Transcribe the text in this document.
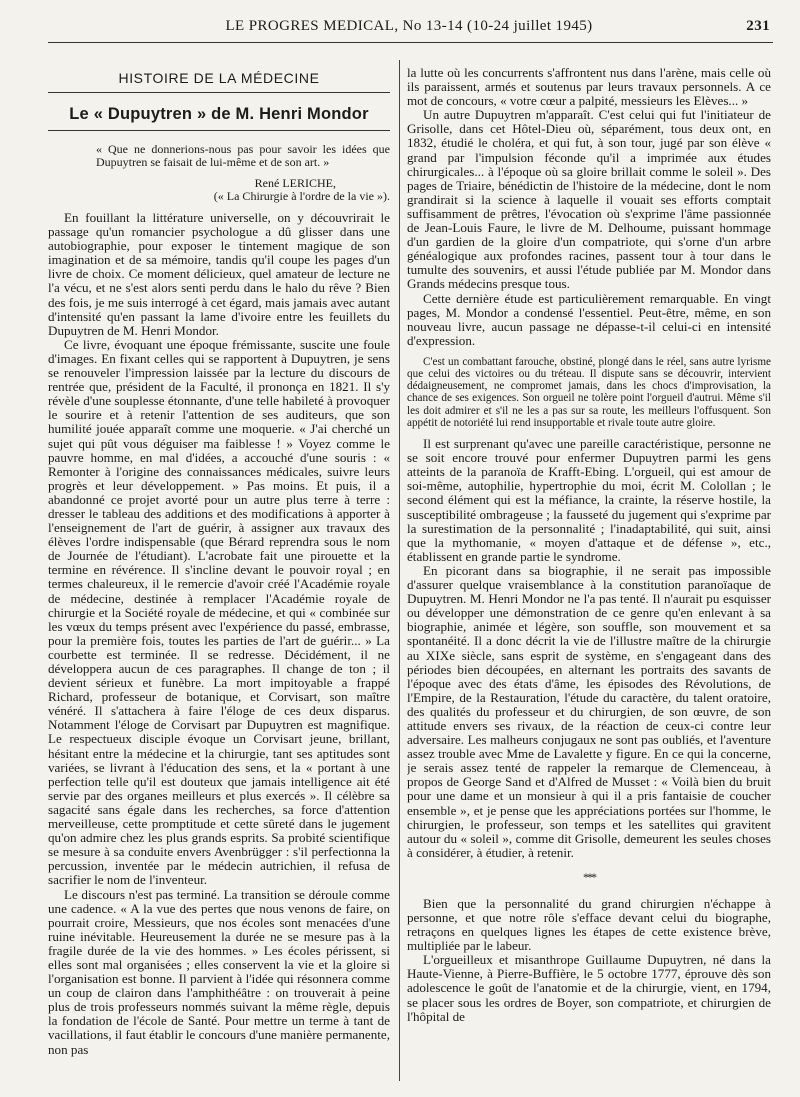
LE PROGRES MEDICAL, No 13-14 (10-24 juillet 1945)	231
HISTOIRE DE LA MÉDECINE
Le « Dupuytren » de M. Henri Mondor
« Que ne donnerions-nous pas pour savoir les idées que Dupuytren se faisait de lui-même et de son art. »
René LERICHE,
(« La Chirurgie à l'ordre de la vie »).

En fouillant la littérature universelle, on y découvrirait le passage qu'un romancier psychologue a dû glisser dans une autobiographie, pour exposer le tintement magique de son imagination et de sa mémoire, tandis qu'il coupe les pages d'un livre de choix. Ce moment délicieux, quel amateur de lecture ne l'a vécu, et ne s'est alors senti perdu dans le halo du rêve ? Bien des fois, je me suis interrogé à cet égard, mais jamais avec autant d'intensité qu'en passant la lame d'ivoire entre les feuillets du Dupuytren de M. Henri Mondor.

Ce livre, évoquant une époque frémissante, suscite une foule d'images. En fixant celles qui se rapportent à Dupuytren, je sens se renouveler l'impression laissée par la lecture du discours de rentrée que, président de la Faculté, il prononça en 1821. Il s'y révèle d'une souplesse étonnante, d'une telle habileté à provoquer le sourire et à retenir l'attention de ses auditeurs, que son humilité jouée apparaît comme une moquerie. « J'ai cherché un sujet qui pût vous déguiser ma faiblesse ! » Voyez comme le pauvre homme, en mal d'idées, a accouché d'une souris : « Remonter à l'origine des connaissances médicales, suivre leurs progrès et leur développement. » Pas moins. Et puis, il a abandonné ce projet avorté pour un autre plus terre à terre : dresser le tableau des additions et des modifications à apporter à l'enseignement de l'art de guérir, à assigner aux travaux des élèves l'ordre indispensable (que Bérard reprendra sous le nom de Journée de l'étudiant). L'acrobate fait une pirouette et la termine en révérence. Il s'incline devant le pouvoir royal ; en termes chaleureux, il le remercie d'avoir créé l'Académie royale de médecine, destinée à remplacer l'Académie royale de chirurgie et la Société royale de médecine, et qui « combinée sur les vœux du temps présent avec l'expérience du passé, embrasse, pour la première fois, toutes les parties de l'art de guérir... » La courbette est terminée. Il se redresse. Décidément, il ne développera aucun de ces paragraphes. Il change de ton ; il devient sérieux et funèbre. La mort impitoyable a frappé Richard, professeur de botanique, et Corvisart, son maître vénéré. Il s'attachera à faire l'éloge de ces deux disparus. Notamment l'éloge de Corvisart par Dupuytren est magnifique. Le respectueux disciple évoque un Corvisart jeune, brillant, hésitant entre la médecine et la chirurgie, tant ses aptitudes sont variées, se livrant à l'éducation des sens, et la « portant à une perfection telle qu'il est douteux que jamais intelligence ait été servie par des organes meilleurs et plus exercés ». Il célèbre sa sagacité sans égale dans les recherches, sa force d'attention merveilleuse, cette promptitude et cette sûreté dans le jugement qu'on admire chez les plus grands esprits. Sa probité scientifique se mesure à sa conduite envers Avenbrügger : s'il perfectionna la percussion, inventée par le médecin autrichien, il refusa de sacrifier le nom de l'inventeur.

Le discours n'est pas terminé. La transition se déroule comme une cadence. « A la vue des pertes que nous venons de faire, on pourrait croire, Messieurs, que nos écoles sont menacées d'une ruine inévitable. Heureusement la durée ne se mesure pas à la fragile durée de la vie des hommes. » Les écoles périssent, si elles sont mal organisées ; elles conservent la vie et la gloire si l'organisation est bonne. Il parvient à l'idée qui résonnera comme un coup de clairon dans l'amphithéâtre : on trouverait à peine plus de trois professeurs nommés suivant la même règle, depuis la fondation de l'école de Santé. Pour mettre un terme à tant de vacillations, il faut établir le concours d'une manière permanente, non pas

la lutte où les concurrents s'affrontent nus dans l'arène, mais celle où ils paraissent, armés et soutenus par leurs travaux personnels. A ce mot de concours, « votre cœur a palpité, messieurs les Elèves... »

Un autre Dupuytren m'apparaît. C'est celui qui fut l'initiateur de Grisolle, dans cet Hôtel-Dieu où, séparément, tous deux ont, en 1832, étudié le choléra, et qui fut, à son tour, jugé par son élève « grand par l'impulsion féconde qu'il a imprimée aux études chirurgicales... à l'époque où sa gloire brillait comme le soleil ». Des pages de Triaire, bénédictin de l'histoire de la médecine, dont le nom grandirait si la science à laquelle il vouait ses efforts comptait suffisamment de prêtres, l'évocation où s'exprime l'âme passionnée de Jean-Louis Faure, le livre de M. Delhoume, puissant hommage d'un gardien de la gloire d'un compatriote, qui s'orne d'un arbre généalogique aux profondes racines, passent tour à tour dans le tumulte des souvenirs, et aussi l'étude publiée par M. Mondor dans Grands médecins presque tous.

Cette dernière étude est particulièrement remarquable. En vingt pages, M. Mondor a condensé l'essentiel. Peut-être, même, en son nouveau livre, aucun passage ne dépasse-t-il celui-ci en intensité d'expression.

C'est un combattant farouche, obstiné, plongé dans le réel, sans autre lyrisme que celui des victoires ou du tréteau. Il dispute sans se découvrir, intervient dédaigneusement, ne compromet jamais, dans les chocs d'improvisation, la chance de ses exigences. Son orgueil ne tolère point l'orgueil d'autrui. Même s'il les doit admirer et s'il ne les a pas sur sa route, les meilleurs l'offusquent. Son appétit de notoriété lui rend insupportable et rivale toute autre gloire.

Il est surprenant qu'avec une pareille caractéristique, personne ne se soit encore trouvé pour enfermer Dupuytren parmi les gens atteints de la paranoïa de Krafft-Ebing. L'orgueil, qui est amour de soi-même, autophilie, hypertrophie du moi, écrit M. Colollan ; le second élément qui est la méfiance, la crainte, la réserve hostile, la susceptibilité ombrageuse ; la fausseté du jugement qui s'exprime par la surestimation de la personnalité ; l'inadaptabilité, qui suit, ainsi que la mythomanie, « moyen d'attaque et de défense », etc., établissent en grande partie le syndrome.

En picorant dans sa biographie, il ne serait pas impossible d'assurer quelque vraisemblance à la constitution paranoïaque de Dupuytren. M. Henri Mondor ne l'a pas tenté. Il n'aurait pu esquisser ou développer une démonstration de ce genre qu'en enlevant à sa biographie, animée et légère, son souffle, son mouvement et sa spontanéité. Il a donc décrit la vie de l'illustre maître de la chirurgie au XIXe siècle, sans esprit de système, en s'engageant dans des périodes bien découpées, en alternant les portraits des savants de l'époque avec des états d'âme, les épisodes des Révolutions, de l'Empire, de la Restauration, l'étude du caractère, du talent oratoire, des qualités du professeur et du chirurgien, de son œuvre, de son attitude envers ses rivaux, de la réaction de ceux-ci contre leur adversaire. Les malheurs conjugaux ne sont pas oubliés, et l'aventure assez trouble avec Mme de Lavalette y figure. En ce qui la concerne, je serais assez tenté de rappeler la remarque de Clemenceau, à propos de George Sand et d'Alfred de Musset : « Voilà bien du bruit pour une dame et un monsieur à qui il a pris fantaisie de coucher ensemble », et je pense que les appréciations portées sur l'homme, le chirurgien, le professeur, son temps et les satellites qui gravitent autour du « soleil », comme dit Grisolle, demeurent les seules choses à considérer, à étudier, à retenir.

***

Bien que la personnalité du grand chirurgien n'échappe à personne, et que notre rôle s'efface devant celui du biographe, retraçons en quelques lignes les étapes de cette existence brève, multipliée par le labeur.

L'orgueilleux et misanthrope Guillaume Dupuytren, né dans la Haute-Vienne, à Pierre-Buffière, le 5 octobre 1777, éprouve dès son adolescence le goût de l'anatomie et de la chirurgie, vient, en 1794, se placer sous les ordres de Boyer, son compatriote, et chirurgien de l'hôpital de
